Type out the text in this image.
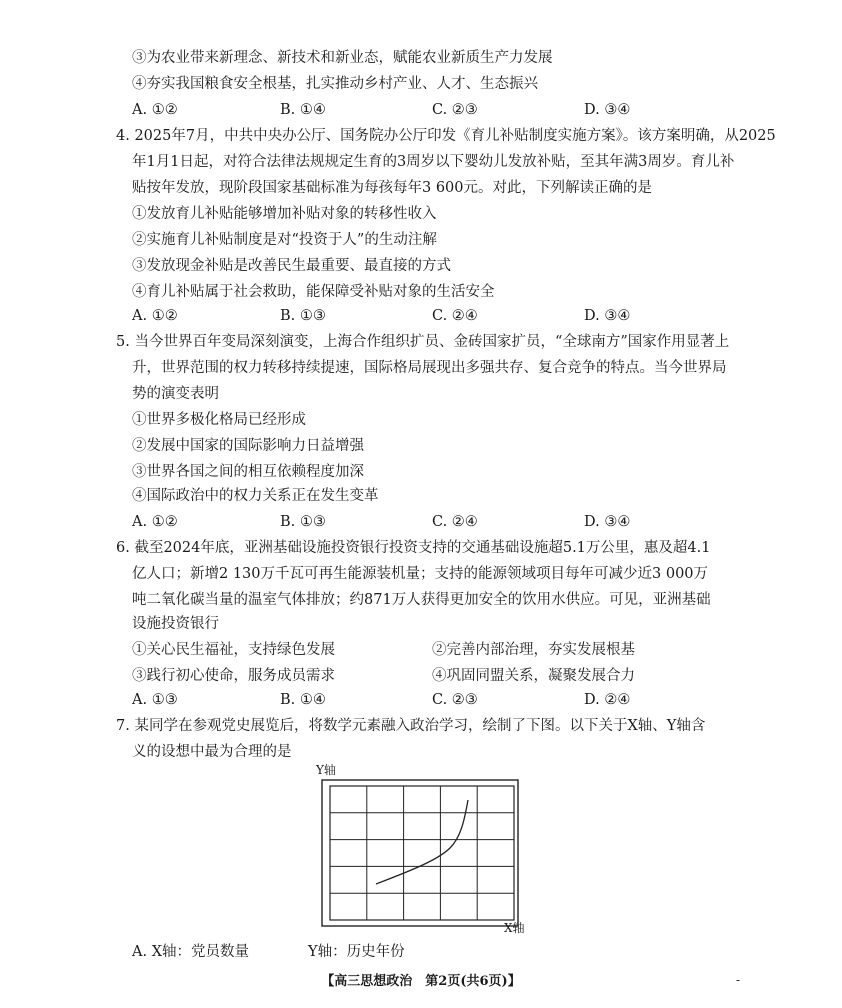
③为农业带来新理念、新技术和新业态，赋能农业新质生产力发展
④夯实我国粮食安全根基，扎实推动乡村产业、人才、生态振兴
A. ①②	B. ①④	C. ②③	D. ③④
4. 2025年7月，中共中央办公厅、国务院办公厅印发《育儿补贴制度实施方案》。该方案明确，从2025
年1月1日起，对符合法律法规规定生育的3周岁以下婴幼儿发放补贴，至其年满3周岁。育儿补
贴按年发放，现阶段国家基础标准为每孩每年3 600元。对此，下列解读正确的是
①发放育儿补贴能够增加补贴对象的转移性收入
②实施育儿补贴制度是对“投资于人”的生动注解
③发放现金补贴是改善民生最重要、最直接的方式
④育儿补贴属于社会救助，能保障受补贴对象的生活安全
A. ①②	B. ①③	C. ②④	D. ③④
5. 当今世界百年变局深刻演变，上海合作组织扩员、金砖国家扩员，“全球南方”国家作用显著上
升，世界范围的权力转移持续提速，国际格局展现出多强共存、复合竞争的特点。当今世界局
势的演变表明
①世界多极化格局已经形成
②发展中国家的国际影响力日益增强
③世界各国之间的相互依赖程度加深
④国际政治中的权力关系正在发生变革
A. ①②	B. ①③	C. ②④	D. ③④
6. 截至2024年底，亚洲基础设施投资银行投资支持的交通基础设施超5.1万公里，惠及超4.1
亿人口；新增2 130万千瓦可再生能源装机量；支持的能源领域项目每年可减少近3 000万
吨二氧化碳当量的温室气体排放；约871万人获得更加安全的饮用水供应。可见，亚洲基础
设施投资银行
①关心民生福祉，支持绿色发展	②完善内部治理，夯实发展根基
③践行初心使命，服务成员需求	④巩固同盟关系，凝聚发展合力
A. ①③	B. ①④	C. ②③	D. ②④
7. 某同学在参观党史展览后，将数学元素融入政治学习，绘制了下图。以下关于X轴、Y轴含
义的设想中最为合理的是
Y轴
X轴
A. X轴：党员数量	Y轴：历史年份
【高三思想政治　第2页(共6页)】	-
